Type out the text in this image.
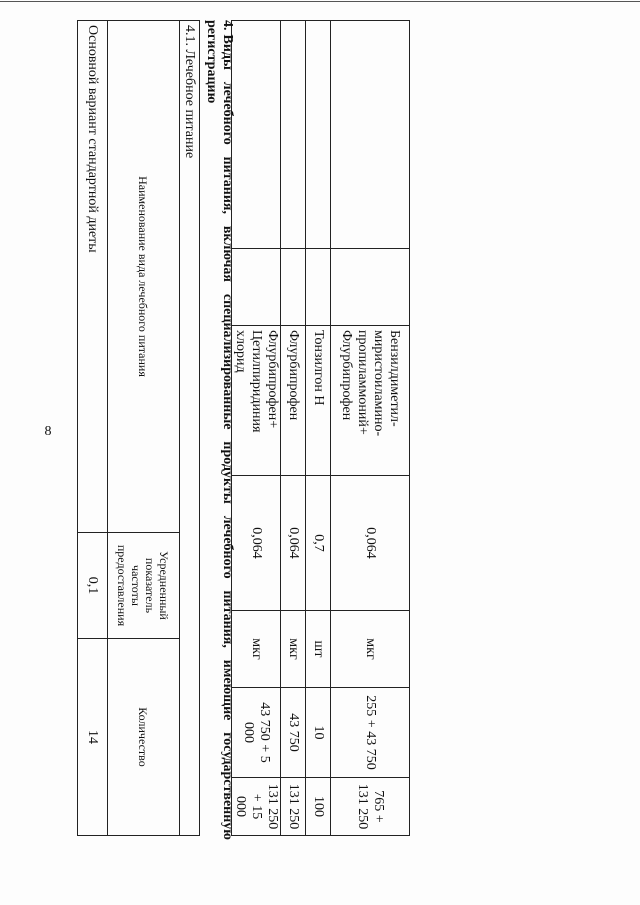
8
		Бензилдиметил-миристоиламино-пропиламмоний+ Флурбипрофен	0,064	мкг	255 + 43 750	765 + 131 250
		Тонзилгон Н	0,7	шт	10	100
		Флурбипрофен	0,064	мкг	43 750	131 250
		Флурбипрофен+ Цетилпиридиния хлорид	0,064	мкг	43 750 + 5 000	131 250 + 15 000
4.Виды лечебного питания, включая специализированные продукты лечебного питания, имеющие государственную регистрацию
4.1. Лечебное питание		
Наименование вида лечебного питания	Усредненный показатель частоты предоставления	Количество
Основной вариант стандартной диеты	0,1	14
